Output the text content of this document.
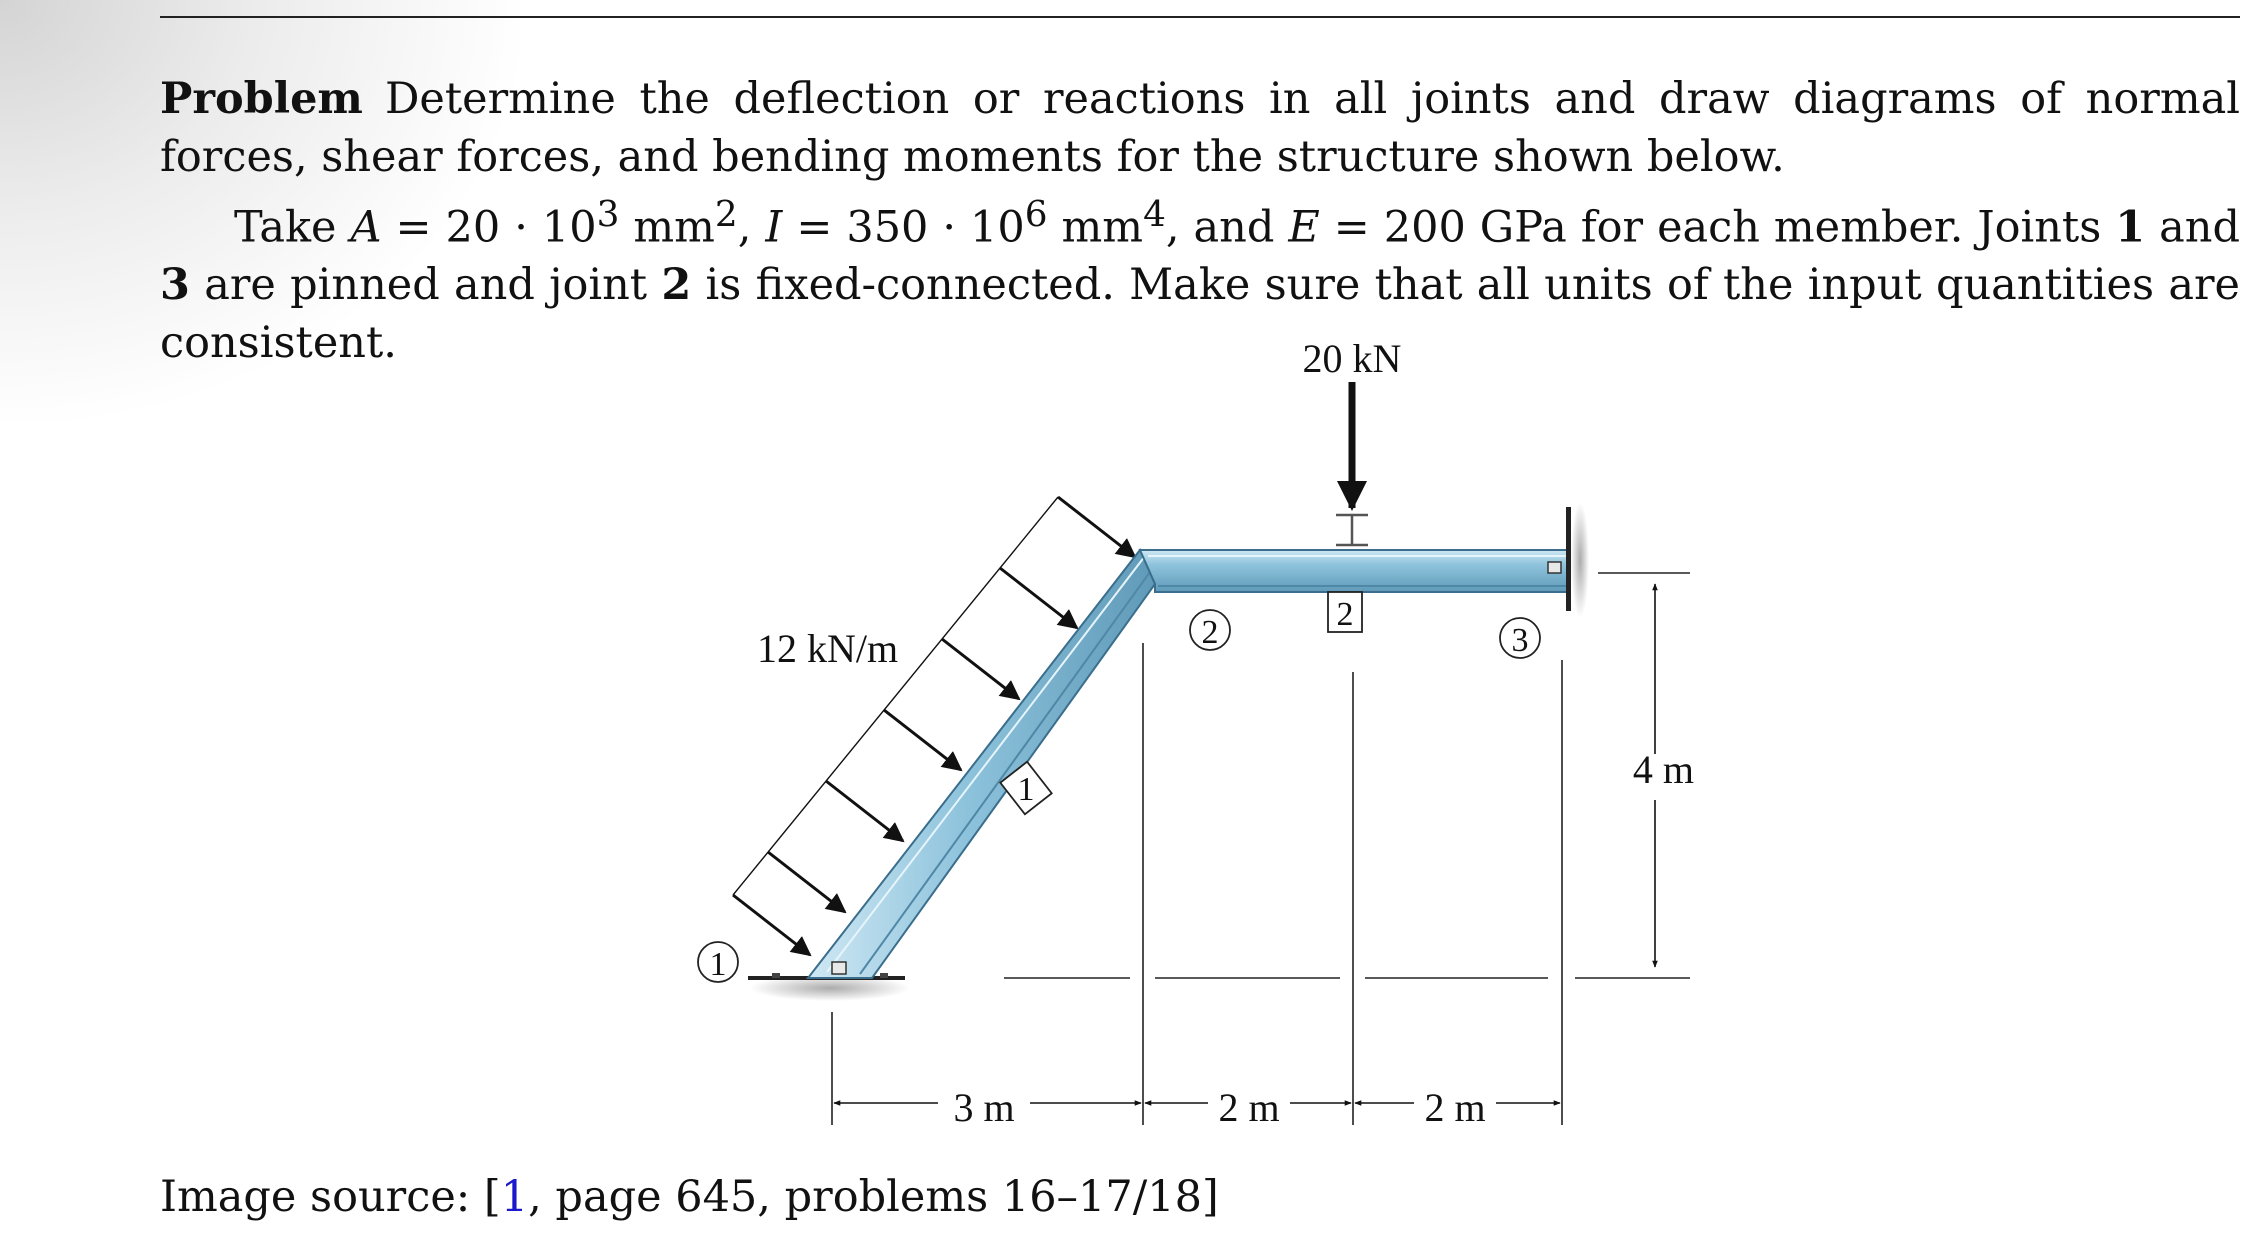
Problem Determine the deflection or reactions in all joints and draw diagrams of normal forces, shear forces, and bending moments for the structure shown below.

Take $A = 20 \cdot 10^3$ $mm^2$, $I = 350 \cdot 10^6$ $mm^4$, and E = 200 GPa for each member. Joints 1 and 3 are pinned and joint 2 is fixed-connected. Make sure that all units of the input quantities are consistent.	20 kN
12 kN/m
4 m
3 m	2 m	2 m
1
2	3
1
2
Image source: [1, page 645, problems 16–17/18]
